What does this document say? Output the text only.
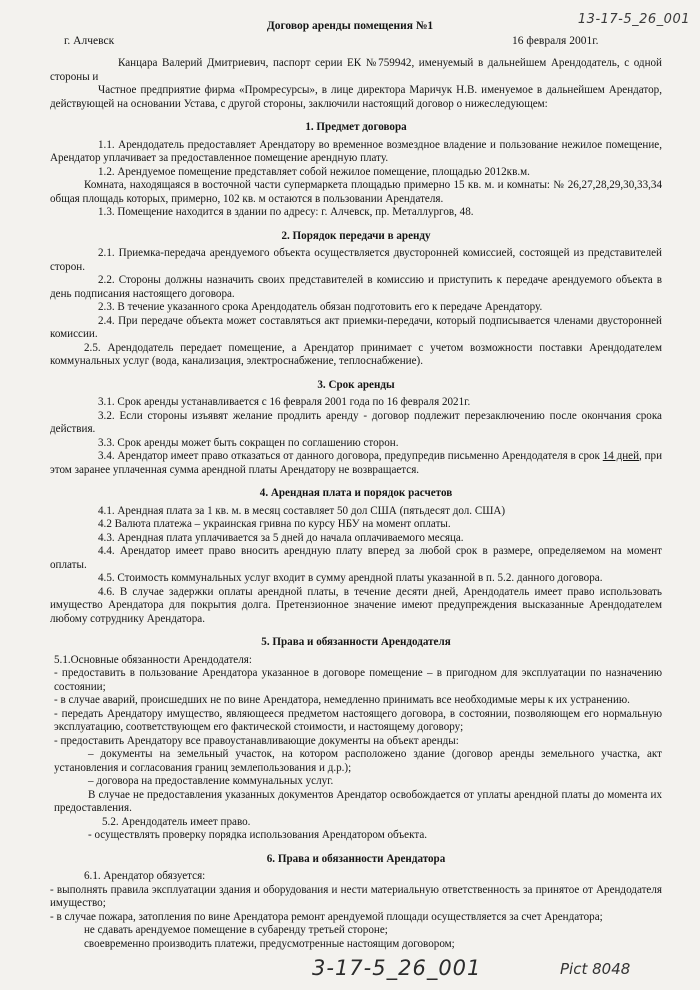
13-17-5_26_001
Договор аренды помещения №1
г. Алчевск	16 февраля 2001г.

Канцара Валерий Дмитриевич, паспорт серии ЕК №759942, именуемый в дальнейшем Арендодатель, с одной стороны и

Частное предприятие фирма «Промресурсы», в лице директора Маричук Н.В. именуемое в дальнейшем Арендатор, действующей на основании Устава, с другой стороны, заключили настоящий договор о нижеследующем:

1. Предмет договора

1.1. Арендодатель предоставляет Арендатору во временное возмездное владение и пользование нежилое помещение, Арендатор уплачивает за предоставленное помещение арендную плату.

1.2. Арендуемое помещение представляет собой нежилое помещение, площадью 2012кв.м.

Комната, находящаяся в восточной части супермаркета площадью примерно 15 кв. м. и комнаты: № 26,27,28,29,30,33,34 общая площадь которых, примерно, 102 кв. м остаются в пользовании Арендателя.

1.3. Помещение находится в здании по адресу: г. Алчевск, пр. Металлургов, 48.

2. Порядок передачи в аренду

2.1. Приемка-передача арендуемого объекта осуществляется двусторонней комиссией, состоящей из представителей сторон.

2.2. Стороны должны назначить своих представителей в комиссию и приступить к передаче арендуемого объекта в день подписания настоящего договора.

2.3. В течение указанного срока Арендодатель обязан подготовить его к передаче Арендатору.

2.4. При передаче объекта может составляться акт приемки-передачи, который подписывается членами двусторонней комиссии.

2.5. Арендодатель передает помещение, а Арендатор принимает с учетом возможности поставки Арендодателем коммунальных услуг (вода, канализация, электроснабжение, теплоснабжение).

3. Срок аренды

3.1. Срок аренды устанавливается с 16 февраля 2001 года по 16 февраля 2021г.

3.2. Если стороны изъявят желание продлить аренду - договор подлежит перезаключению после окончания срока действия.

3.3. Срок аренды может быть сокращен по соглашению сторон.

3.4. Арендатор имеет право отказаться от данного договора, предупредив письменно Арендодателя в срок 14 дней, при этом заранее уплаченная сумма арендной платы Арендатору не возвращается.

4. Арендная плата и порядок расчетов

4.1. Арендная плата за 1 кв. м. в месяц составляет 50 дол США (пятьдесят дол. США)

4.2 Валюта платежа – украинская гривна по курсу НБУ на момент оплаты.

4.3. Арендная плата уплачивается за 5 дней до начала оплачиваемого месяца.

4.4. Арендатор имеет право вносить арендную плату вперед за любой срок в размере, определяемом на момент оплаты.

4.5. Стоимость коммунальных услуг входит в сумму арендной платы указанной в п. 5.2. данного договора.

4.6. В случае задержки оплаты арендной платы, в течение десяти дней, Арендодатель имеет право использовать имущество Арендатора для покрытия долга. Претензионное значение имеют предупреждения высказанные Арендодателем любому сотруднику Арендатора.

5. Права и обязанности Арендодателя

5.1.Основные обязанности Арендодателя:

- предоставить в пользование Арендатора указанное в договоре помещение – в пригодном для эксплуатации по назначению состоянии;

- в случае аварий, происшедших не по вине Арендатора, немедленно принимать все необходимые меры к их устранению.

- передать Арендатору имущество, являющееся предметом настоящего договора, в состоянии, позволяющем его нормальную эксплуатацию, соответствующем его фактической стоимости, и настоящему договору;

- предоставить Арендатору все правоустанавливающие документы на объект аренды:

– документы на земельный участок, на котором расположено здание (договор аренды земельного участка, акт установления и согласования границ землепользования и д.р.);

– договора на предоставление коммунальных услуг.

В случае не предоставления указанных документов Арендатор освобождается от уплаты арендной платы до момента их предоставления.

5.2. Арендодатель имеет право.

- осуществлять проверку порядка использования Арендатором объекта.

6. Права и обязанности Арендатора

6.1. Арендатор обязуется:

- выполнять правила эксплуатации здания и оборудования и нести материальную ответственность за принятое от Арендодателя имущество;

- в случае пожара, затопления по вине Арендатора ремонт арендуемой площади осуществляется за счет Арендатора;

не сдавать арендуемое помещение в субаренду третьей стороне;

своевременно производить платежи, предусмотренные настоящим договором;

3-17-5_26_001	Pict 8048
